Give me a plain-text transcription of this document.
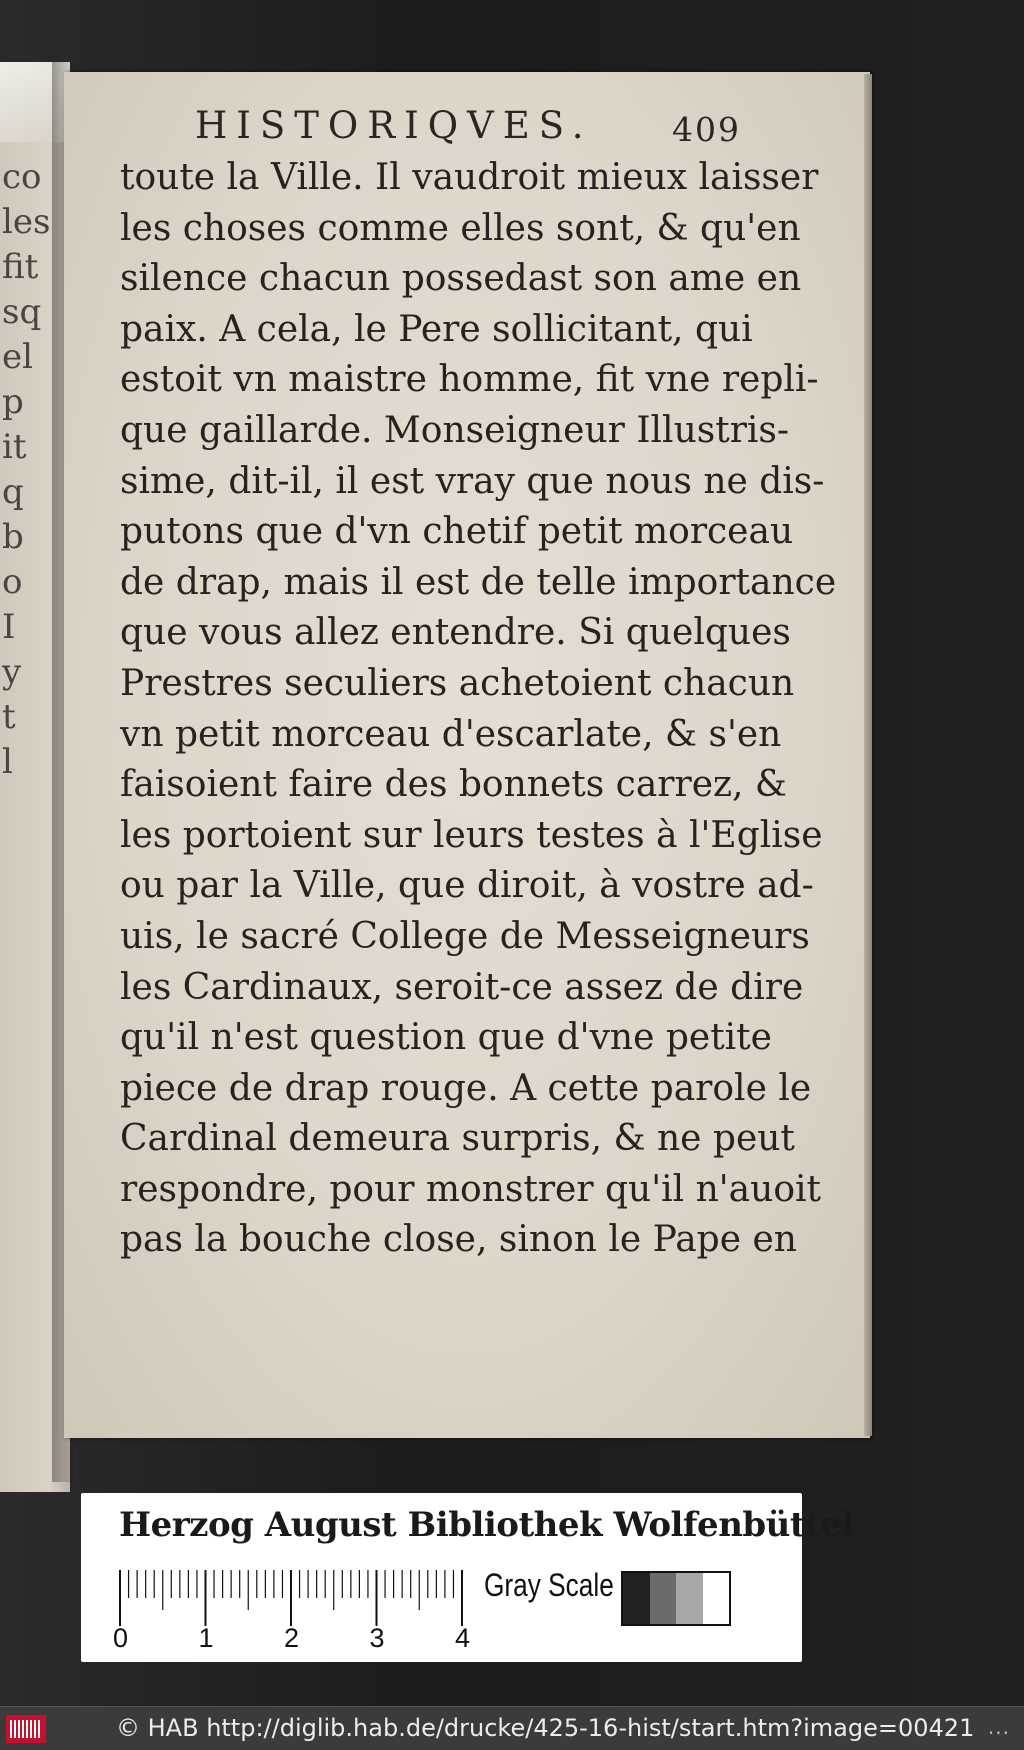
co
les
fit
sq
el
p
it
q
b
o
I
y
t
l
HISTORIQVES. 409
toute la Ville. Il vaudroit mieux laisser
les choses comme elles sont, & qu'en
silence chacun possedast son ame en
paix. A cela, le Pere sollicitant, qui
estoit vn maistre homme, fit vne repli-
que gaillarde. Monseigneur Illustris-
sime, dit-il, il est vray que nous ne dis-
putons que d'vn chetif petit morceau
de drap, mais il est de telle importance
que vous allez entendre. Si quelques
Prestres seculiers achetoient chacun
vn petit morceau d'escarlate, & s'en
faisoient faire des bonnets carrez, &
les portoient sur leurs testes à l'Eglise
ou par la Ville, que diroit, à vostre ad-
uis, le sacré College de Messeigneurs
les Cardinaux, seroit-ce assez de dire
qu'il n'est question que d'vne petite
piece de drap rouge. A cette parole le
Cardinal demeura surpris, & ne peut
respondre, pour monstrer qu'il n'auoit
pas la bouche close, sinon le Pape en
Herzog August Bibliothek Wolfenbüttel
0	1	2	3	4
Gray Scale
© HAB http://diglib.hab.de/drucke/425-16-hist/start.htm?image=00421 ...
